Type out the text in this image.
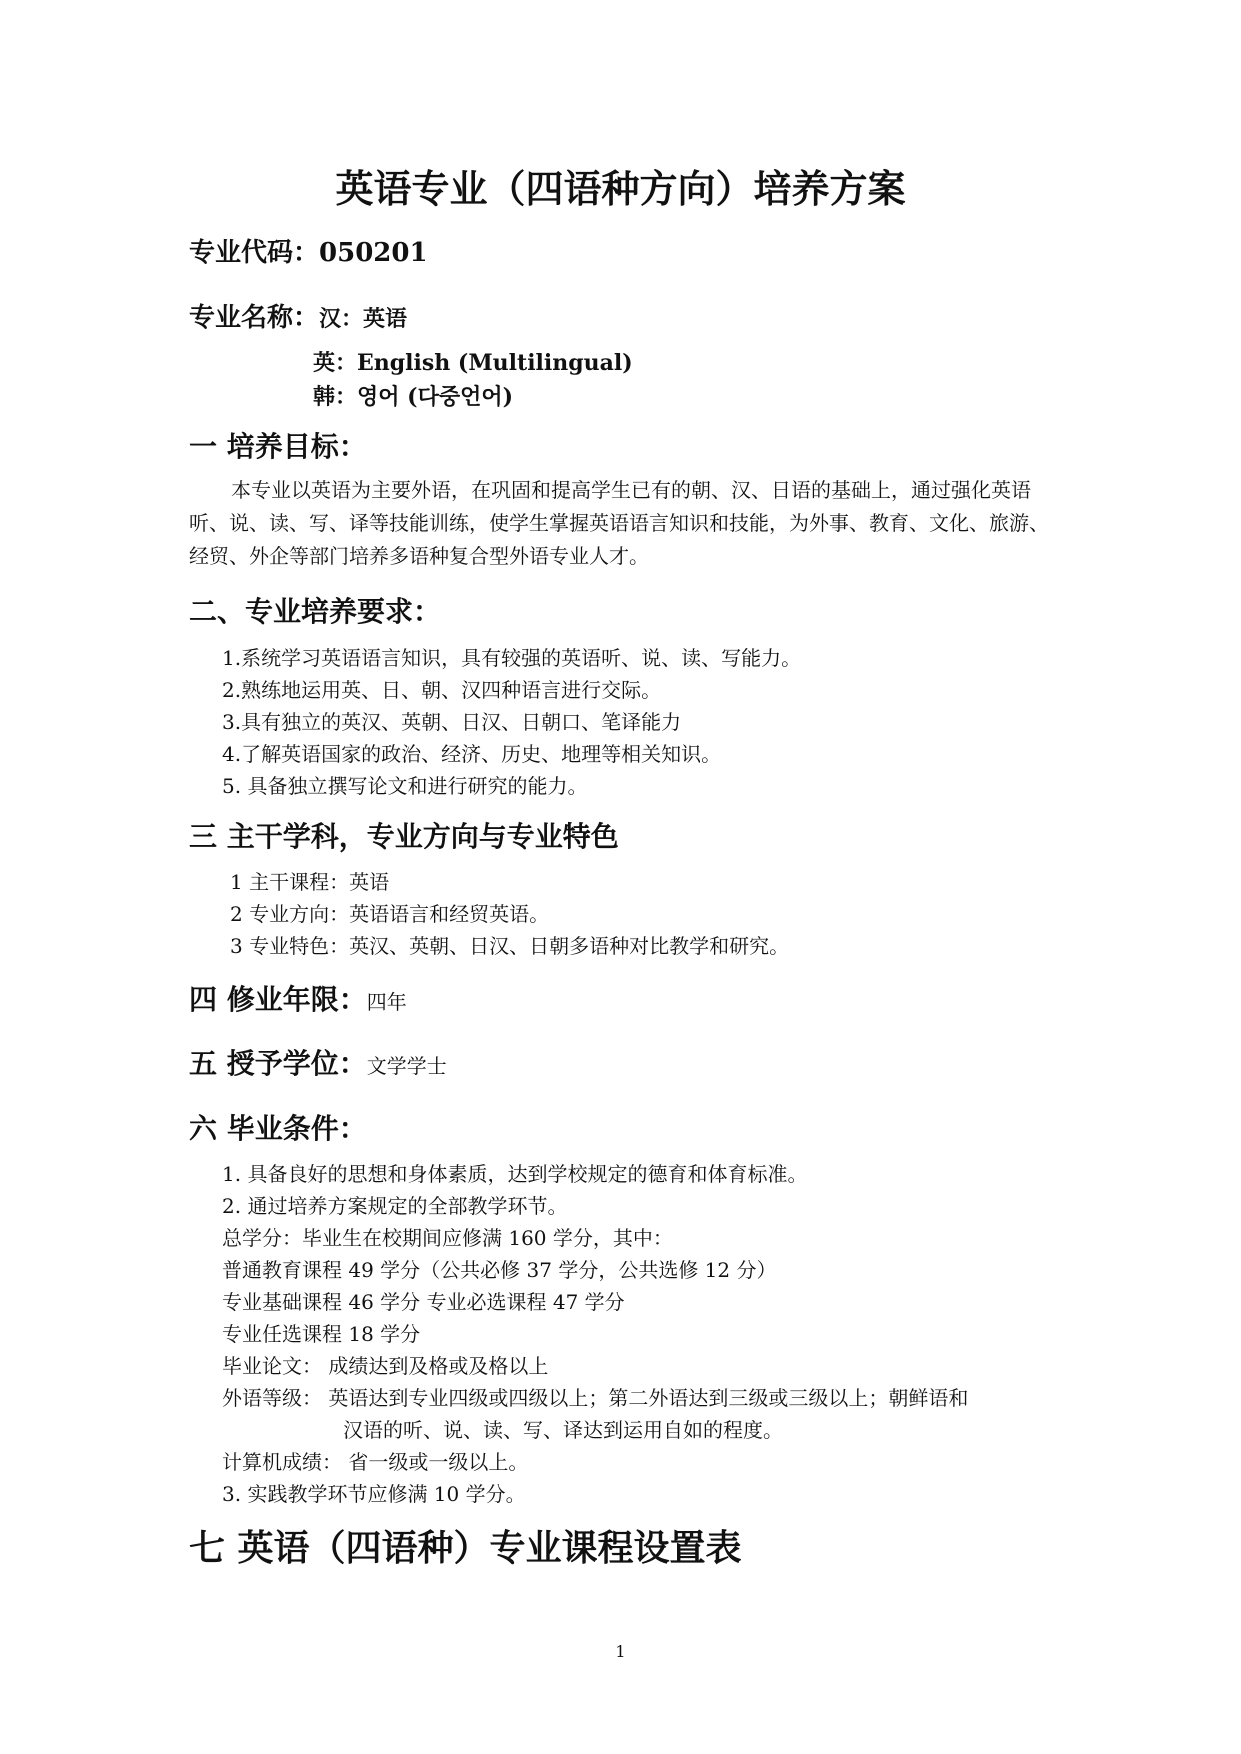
英语专业（四语种方向）培养方案
专业代码：050201
专业名称：汉：英语
英：English (Multilingual)
韩：영어 (다중언어)
一 培养目标：
本专业以英语为主要外语，在巩固和提高学生已有的朝、汉、日语的基础上，通过强化英语听、说、读、写、译等技能训练，使学生掌握英语语言知识和技能，为外事、教育、文化、旅游、经贸、外企等部门培养多语种复合型外语专业人才。
二、专业培养要求：
1.系统学习英语语言知识，具有较强的英语听、说、读、写能力。
2.熟练地运用英、日、朝、汉四种语言进行交际。
3.具有独立的英汉、英朝、日汉、日朝口、笔译能力
4.了解英语国家的政治、经济、历史、地理等相关知识。
5. 具备独立撰写论文和进行研究的能力。
三 主干学科，专业方向与专业特色
1 主干课程：英语
2 专业方向：英语语言和经贸英语。
3 专业特色：英汉、英朝、日汉、日朝多语种对比教学和研究。
四 修业年限：四年
五 授予学位：文学学士
六 毕业条件：
1. 具备良好的思想和身体素质，达到学校规定的德育和体育标准。
2. 通过培养方案规定的全部教学环节。
总学分：毕业生在校期间应修满 160 学分，其中：
普通教育课程 49 学分（公共必修 37 学分，公共选修 12 分）
专业基础课程 46 学分 专业必选课程 47 学分
专业任选课程 18 学分
毕业论文： 成绩达到及格或及格以上
外语等级： 英语达到专业四级或四级以上；第二外语达到三级或三级以上；朝鲜语和
汉语的听、说、读、写、译达到运用自如的程度。
计算机成绩： 省一级或一级以上。
3. 实践教学环节应修满 10 学分。
七 英语（四语种）专业课程设置表
1
